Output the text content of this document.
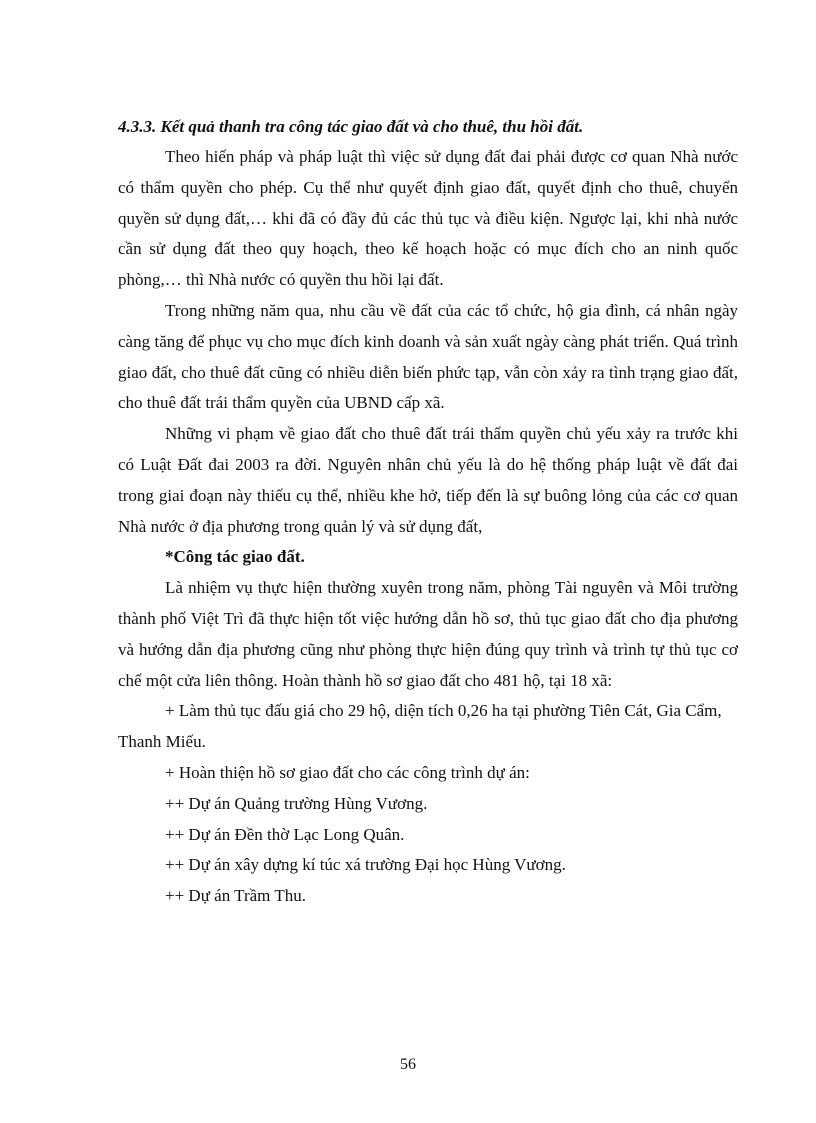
4.3.3. Kết quả thanh tra công tác giao đất và cho thuê, thu hồi đất.

Theo hiến pháp và pháp luật thì việc sử dụng đất đai phải được cơ quan Nhà nước có thẩm quyền cho phép. Cụ thể như quyết định giao đất, quyết định cho thuê, chuyển quyền sử dụng đất,… khi đã có đầy đủ các thủ tục và điều kiện. Ngược lại, khi nhà nước cần sử dụng đất theo quy hoạch, theo kế hoạch hoặc có mục đích cho an ninh quốc phòng,… thì Nhà nước có quyền thu hồi lại đất.

Trong những năm qua, nhu cầu về đất của các tổ chức, hộ gia đình, cá nhân ngày càng tăng để phục vụ cho mục đích kinh doanh và sản xuất ngày càng phát triển. Quá trình giao đất, cho thuê đất cũng có nhiều diễn biến phức tạp, vẫn còn xảy ra tình trạng giao đất, cho thuê đất trái thẩm quyền của UBND cấp xã.

Những vi phạm về giao đất cho thuê đất trái thẩm quyền chủ yếu xảy ra trước khi có Luật Đất đai 2003 ra đời. Nguyên nhân chủ yếu là do hệ thống pháp luật về đất đai trong giai đoạn này thiếu cụ thể, nhiều khe hở, tiếp đến là sự buông lỏng của các cơ quan Nhà nước ở địa phương trong quản lý và sử dụng đất,

*Công tác giao đất.

Là nhiệm vụ thực hiện thường xuyên trong năm, phòng Tài nguyên và Môi trường thành phố Việt Trì đã thực hiện tốt việc hướng dẫn hồ sơ, thủ tục giao đất cho địa phương và hướng dẫn địa phương cũng như phòng thực hiện đúng quy trình và trình tự thủ tục cơ chế một cửa liên thông. Hoàn thành hồ sơ giao đất cho 481 hộ, tại 18 xã:

+ Làm thủ tục đấu giá cho 29 hộ, diện tích 0,26 ha tại phường Tiên Cát, Gia Cẩm, Thanh Miếu.

+ Hoàn thiện hồ sơ giao đất cho các công trình dự án:

++ Dự án Quảng trường Hùng Vương.

++ Dự án Đền thờ Lạc Long Quân.

++ Dự án xây dựng kí túc xá trường Đại học Hùng Vương.

++ Dự án Trầm Thu.

56
